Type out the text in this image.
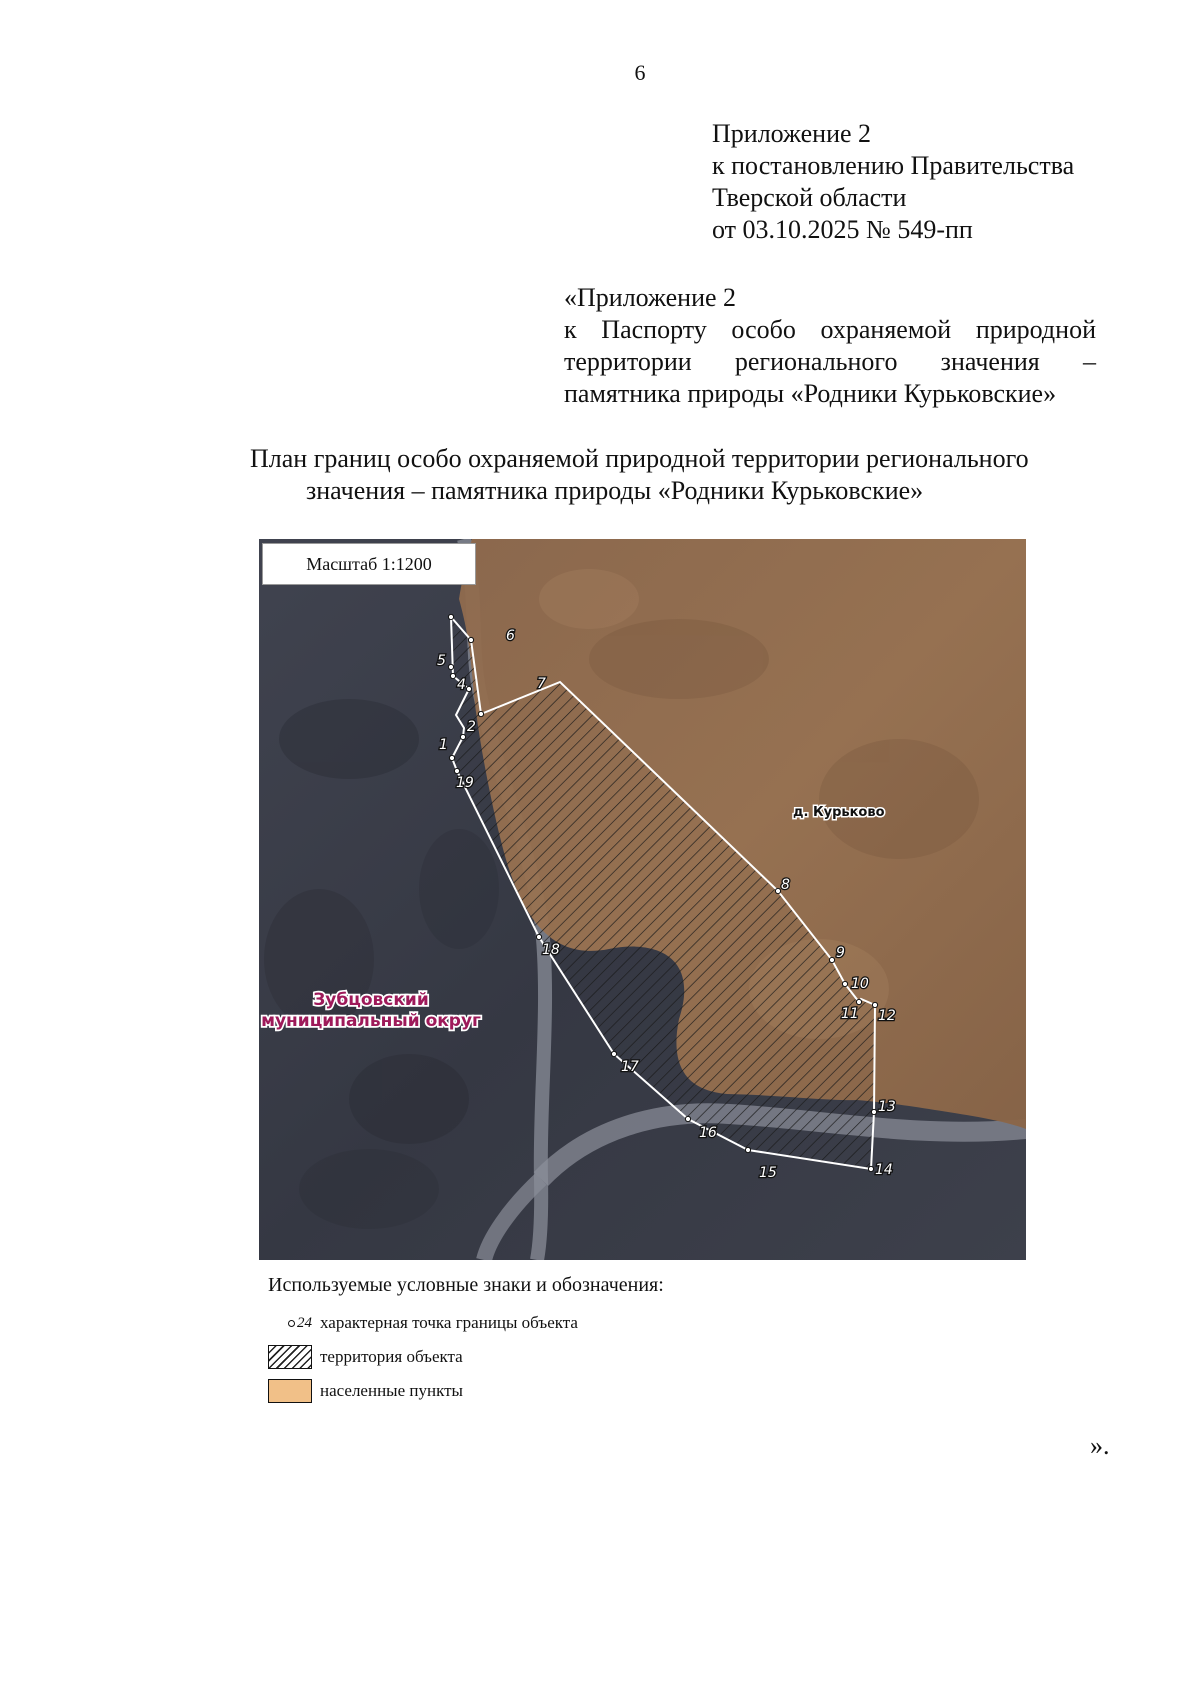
6
Приложение 2
к постановлению Правительства
Тверской области
от 03.10.2025 № 549-пп
«Приложение 2
к Паспорту особо охраняемой природной
территории регионального значения –
памятника природы «Родники Курьковские»
План границ особо охраняемой природной территории регионального
значения – памятника природы «Родники Курьковские»
1
2
4
5
6
7
8
9
10
11 12
13
14
15
16
17
18
19
д. Курьково
Зубцовский
муниципальный округ
Масштаб 1:1200
Используемые условные знаки и обозначения:
24 характерная точка границы объекта
территория объекта
населенные пункты
».
